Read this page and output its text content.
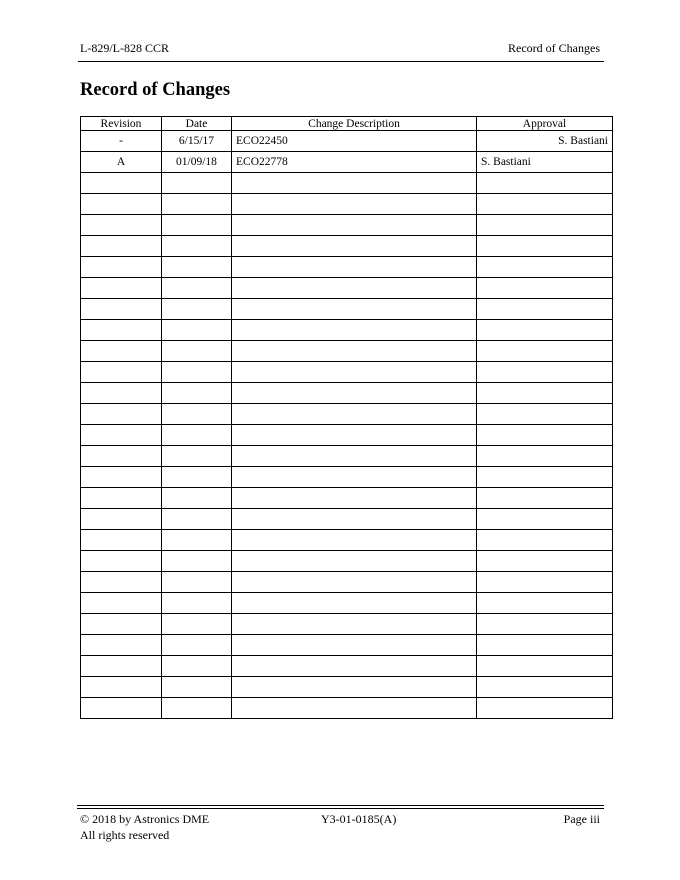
L-829/L-828 CCR	Record of Changes
Record of Changes
Revision	Date	Change Description	Approval
-	6/15/17	ECO22450	S. Bastiani
A	01/09/18	ECO22778	S. Bastiani

© 2018 by Astronics DME
All rights reserved
Y3-01-0185(A)	Page iii
